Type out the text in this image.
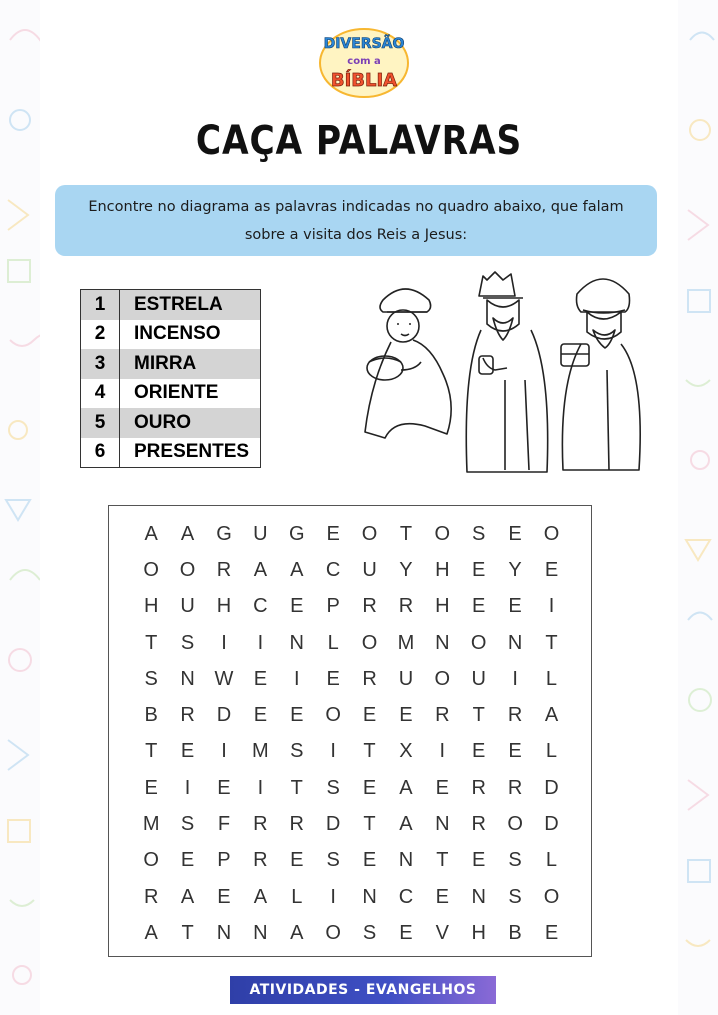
DIVERSÃO
com a
BÍBLIA
CAÇA PALAVRAS
Encontre no diagrama as palavras indicadas no quadro abaixo, que falam sobre a visita dos Reis a Jesus:
1	ESTRELA
2	INCENSO
3	MIRRA
4	ORIENTE
5	OURO
6	PRESENTES
A	A	G	U	G	E	O	T	O	S	E	O
O	O	R	A	A	C	U	Y	H	E	Y	E
H	U	H	C	E	P	R	R	H	E	E	I
T	S	I	I	N	L	O	M	N	O	N	T
S	N W	E	I	E	R	U	O	U	I	L
B	R	D	E	E	O	E	E	R	T	R	A
T	E	I	M	S	I	T	X	I	E	E	L
E	I	E	I	T	S	E	A	E	R	R	D
M	S	F	R	R	D	T	A	N	R	O	D
O	E	P	R	E	S	E	N	T	E	S	L
R	A	E	A	L	I	N	C	E	N	S	O
A	T	N	N	A	O	S	E	V	H	B	E
ATIVIDADES - EVANGELHOS
